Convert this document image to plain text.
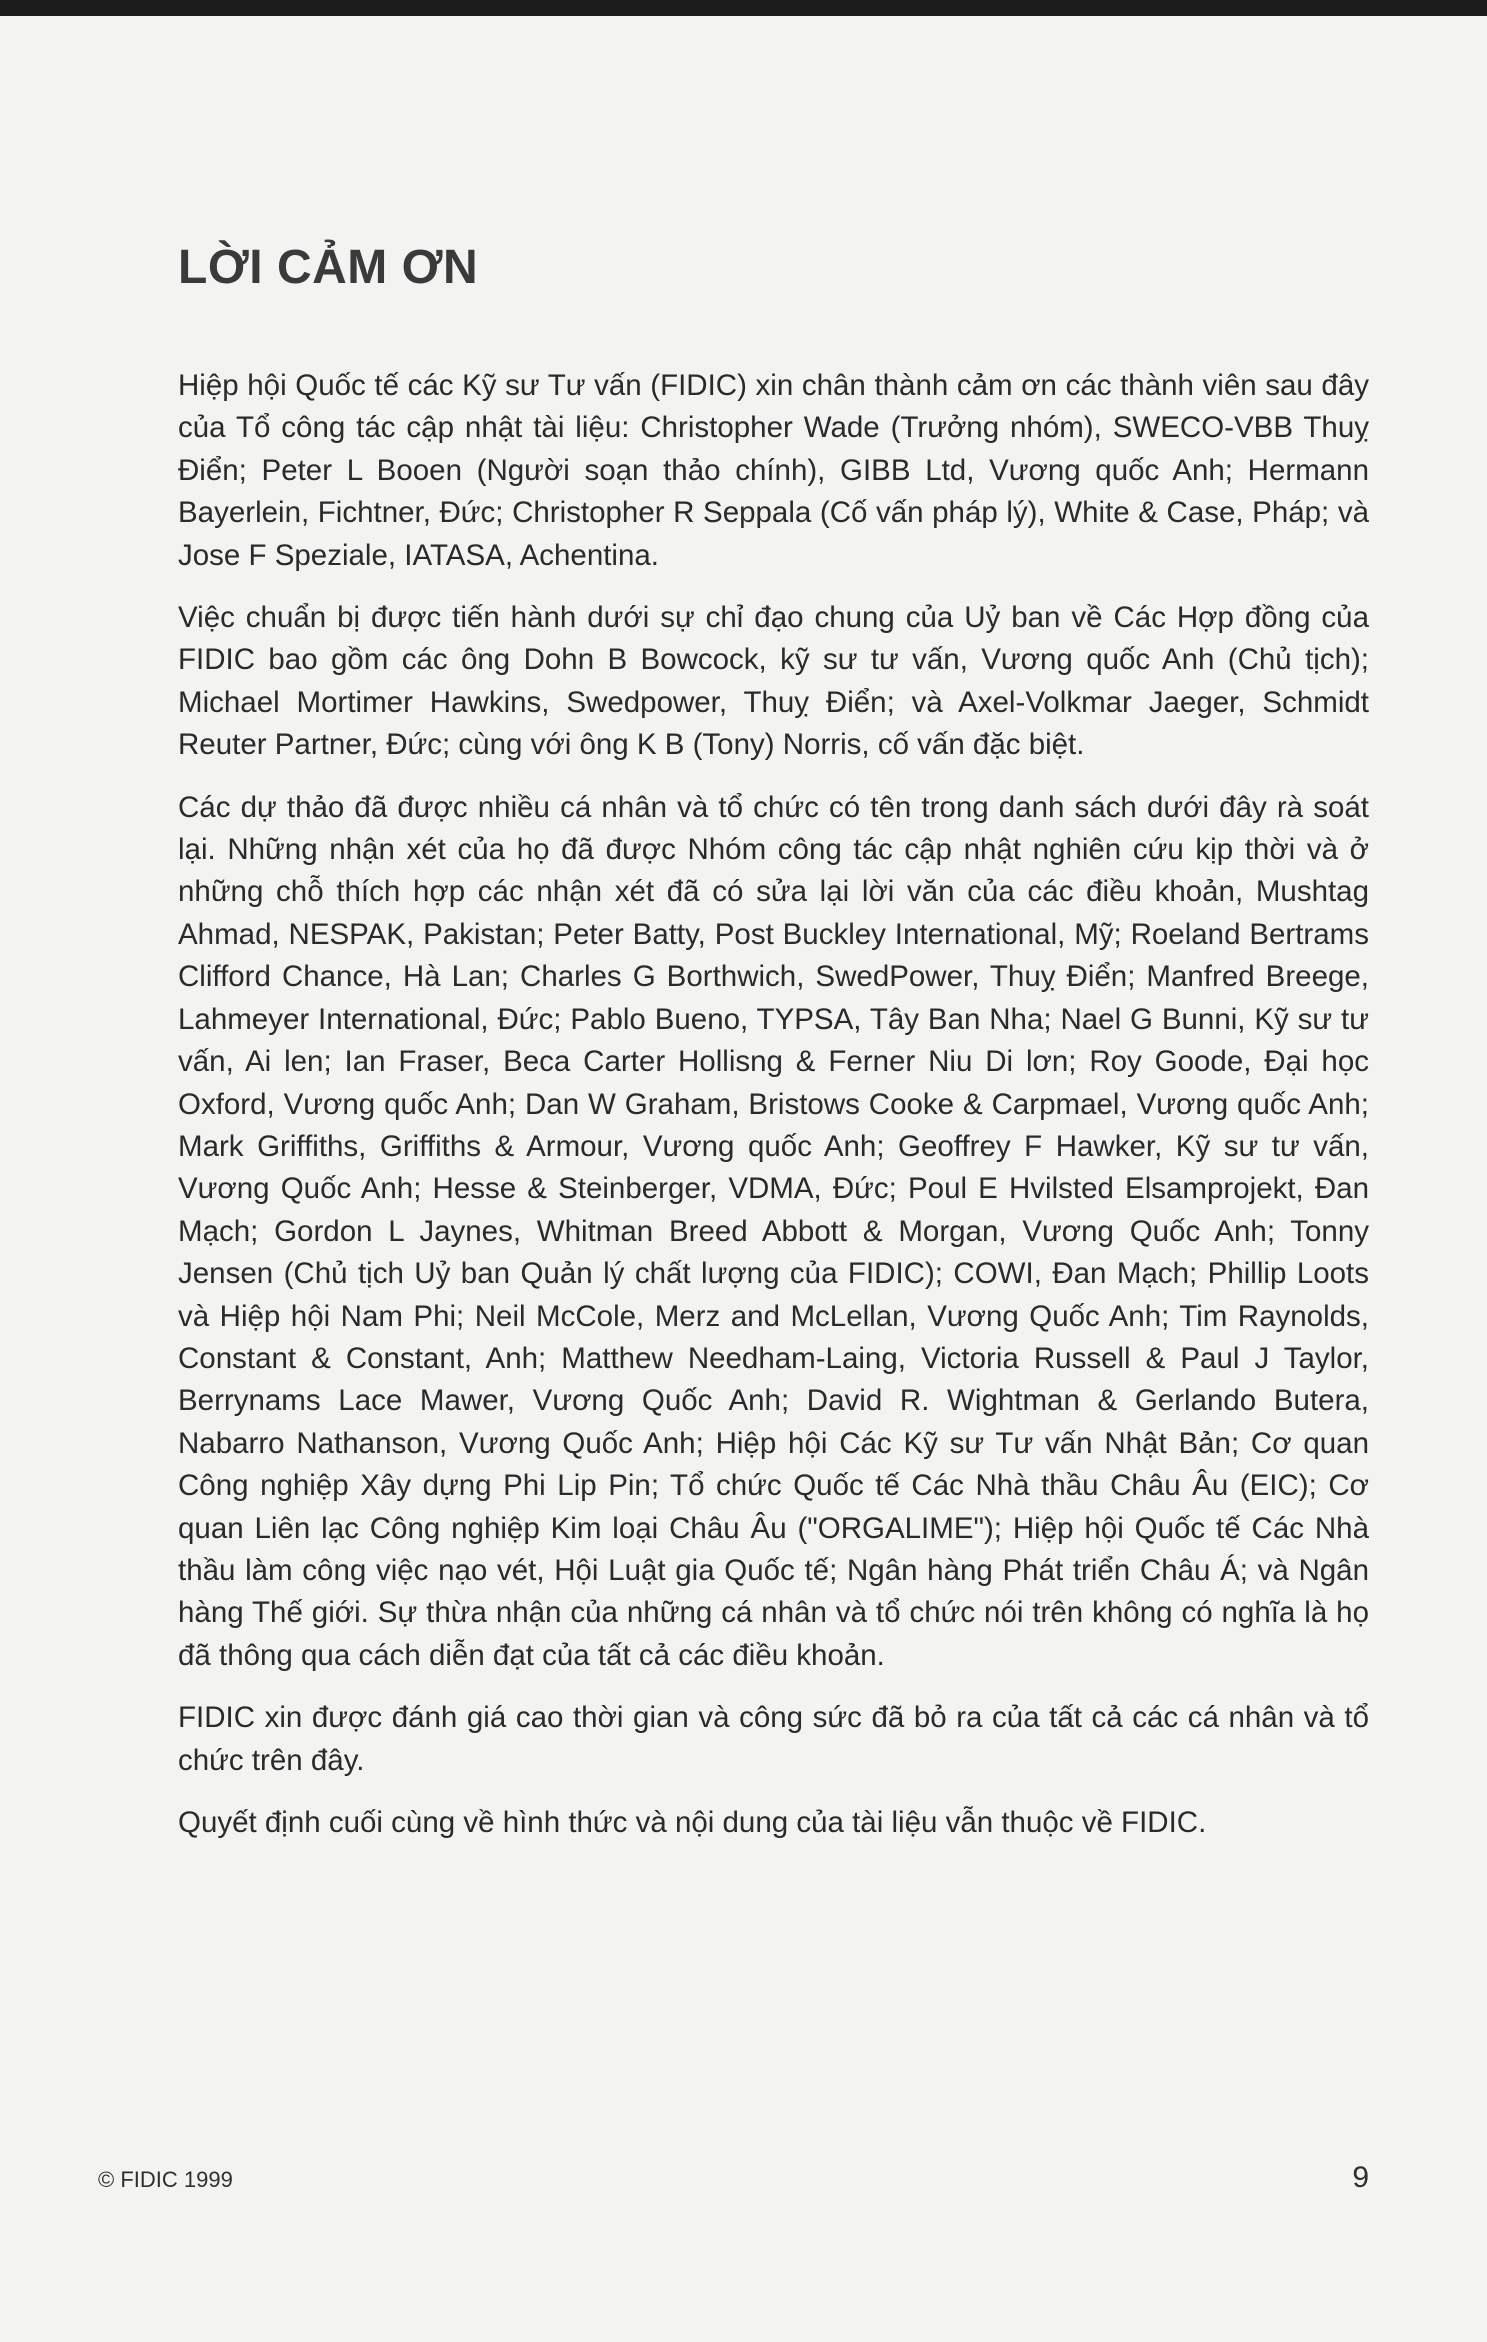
LỜI CẢM ƠN

Hiệp hội Quốc tế các Kỹ sư Tư vấn (FIDIC) xin chân thành cảm ơn các thành viên sau đây của Tổ công tác cập nhật tài liệu: Christopher Wade (Trưởng nhóm), SWECO-VBB Thuỵ Điển; Peter L Booen (Người soạn thảo chính), GIBB Ltd, Vương quốc Anh; Hermann Bayerlein, Fichtner, Đức; Christopher R Seppala (Cố vấn pháp lý), White & Case, Pháp; và Jose F Speziale, IATASA, Achentina.

Việc chuẩn bị được tiến hành dưới sự chỉ đạo chung của Uỷ ban về Các Hợp đồng của FIDIC bao gồm các ông Dohn B Bowcock, kỹ sư tư vấn, Vương quốc Anh (Chủ tịch); Michael Mortimer Hawkins, Swedpower, Thuỵ Điển; và Axel-Volkmar Jaeger, Schmidt Reuter Partner, Đức; cùng với ông K B (Tony) Norris, cố vấn đặc biệt.

Các dự thảo đã được nhiều cá nhân và tổ chức có tên trong danh sách dưới đây rà soát lại. Những nhận xét của họ đã được Nhóm công tác cập nhật nghiên cứu kịp thời và ở những chỗ thích hợp các nhận xét đã có sửa lại lời văn của các điều khoản, Mushtag Ahmad, NESPAK, Pakistan; Peter Batty, Post Buckley International, Mỹ; Roeland Bertrams Clifford Chance, Hà Lan; Charles G Borthwich, SwedPower, Thuỵ Điển; Manfred Breege, Lahmeyer International, Đức; Pablo Bueno, TYPSA, Tây Ban Nha; Nael G Bunni, Kỹ sư tư vấn, Ai len; Ian Fraser, Beca Carter Hollisng & Ferner Niu Di lơn; Roy Goode, Đại học Oxford, Vương quốc Anh; Dan W Graham, Bristows Cooke & Carpmael, Vương quốc Anh; Mark Griffiths, Griffiths & Armour, Vương quốc Anh; Geoffrey F Hawker, Kỹ sư tư vấn, Vương Quốc Anh; Hesse & Steinberger, VDMA, Đức; Poul E Hvilsted Elsamprojekt, Đan Mạch; Gordon L Jaynes, Whitman Breed Abbott & Morgan, Vương Quốc Anh; Tonny Jensen (Chủ tịch Uỷ ban Quản lý chất lượng của FIDIC); COWI, Đan Mạch; Phillip Loots và Hiệp hội Nam Phi; Neil McCole, Merz and McLellan, Vương Quốc Anh; Tim Raynolds, Constant & Constant, Anh; Matthew Needham-Laing, Victoria Russell & Paul J Taylor, Berrynams Lace Mawer, Vương Quốc Anh; David R. Wightman & Gerlando Butera, Nabarro Nathanson, Vương Quốc Anh; Hiệp hội Các Kỹ sư Tư vấn Nhật Bản; Cơ quan Công nghiệp Xây dựng Phi Lip Pin; Tổ chức Quốc tế Các Nhà thầu Châu Âu (EIC); Cơ quan Liên lạc Công nghiệp Kim loại Châu Âu ("ORGALIME"); Hiệp hội Quốc tế Các Nhà thầu làm công việc nạo vét, Hội Luật gia Quốc tế; Ngân hàng Phát triển Châu Á; và Ngân hàng Thế giới. Sự thừa nhận của những cá nhân và tổ chức nói trên không có nghĩa là họ đã thông qua cách diễn đạt của tất cả các điều khoản.

FIDIC xin được đánh giá cao thời gian và công sức đã bỏ ra của tất cả các cá nhân và tổ chức trên đây.

Quyết định cuối cùng về hình thức và nội dung của tài liệu vẫn thuộc về FIDIC.

© FIDIC 1999	9
